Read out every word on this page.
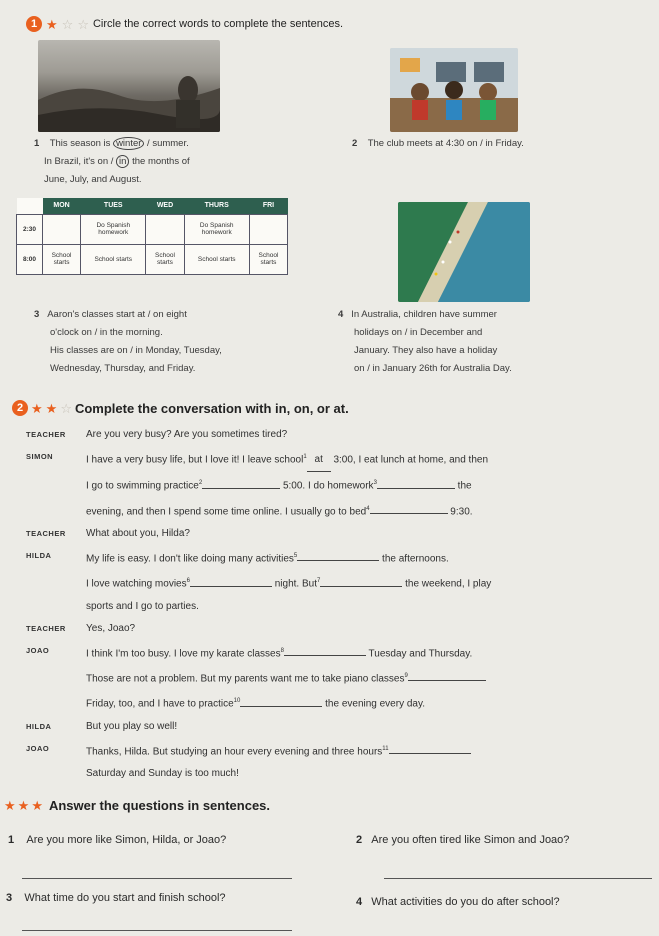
1 ★ ☆ ☆ Circle the correct words to complete the sentences.
1 This season is winter / summer.
In Brazil, it's on / in the months of
June, July, and August.
2 The club meets at 4:30 on / in Friday.
	MON	TUES	WED	THURS	FRI
2:30		Do Spanish homework		Do Spanish homework	
8:00	School starts	School starts	School starts	School starts	School starts
3 Aaron's classes start at / on eight
o'clock on / in the morning.
His classes are on / in Monday, Tuesday,
Wednesday, Thursday, and Friday.
4 In Australia, children have summer
holidays on / in December and
January. They also have a holiday
on / in January 26th for Australia Day.
2 ★ ★ ☆ Complete the conversation with in, on, or at.
TEACHER	Are you very busy? Are you sometimes tired?
SIMON	I have a very busy life, but I love it! I leave school$^1$ at 3:00, I eat lunch at home, and then
I go to swimming practice$^2$	5:00. I do homework$^3$	the
evening, and then I spend some time online. I usually go to bed$^4$	9:30.
TEACHER	What about you, Hilda?
HILDA	My life is easy. I don't like doing many activities$^5$	the afternoons.
I love watching movies$^6$	night. But$^7$	the weekend, I play
sports and I go to parties.
TEACHER	Yes, Joao?
JOAO	I think I'm too busy. I love my karate classes$^8$	Tuesday and Thursday.
Those are not a problem. But my parents want me to take piano classes$^9$
Friday, too, and I have to practice$^{10}$	the evening every day.
HILDA	But you play so well!
JOAO	Thanks, Hilda. But studying an hour every evening and three hours$^{11}$
Saturday and Sunday is too much!
★ ★ ★ Answer the questions in sentences.
1 Are you more like Simon, Hilda, or Joao?	2 Are you often tired like Simon and Joao?
3 What time do you start and finish school?	4 What activities do you do after school?
